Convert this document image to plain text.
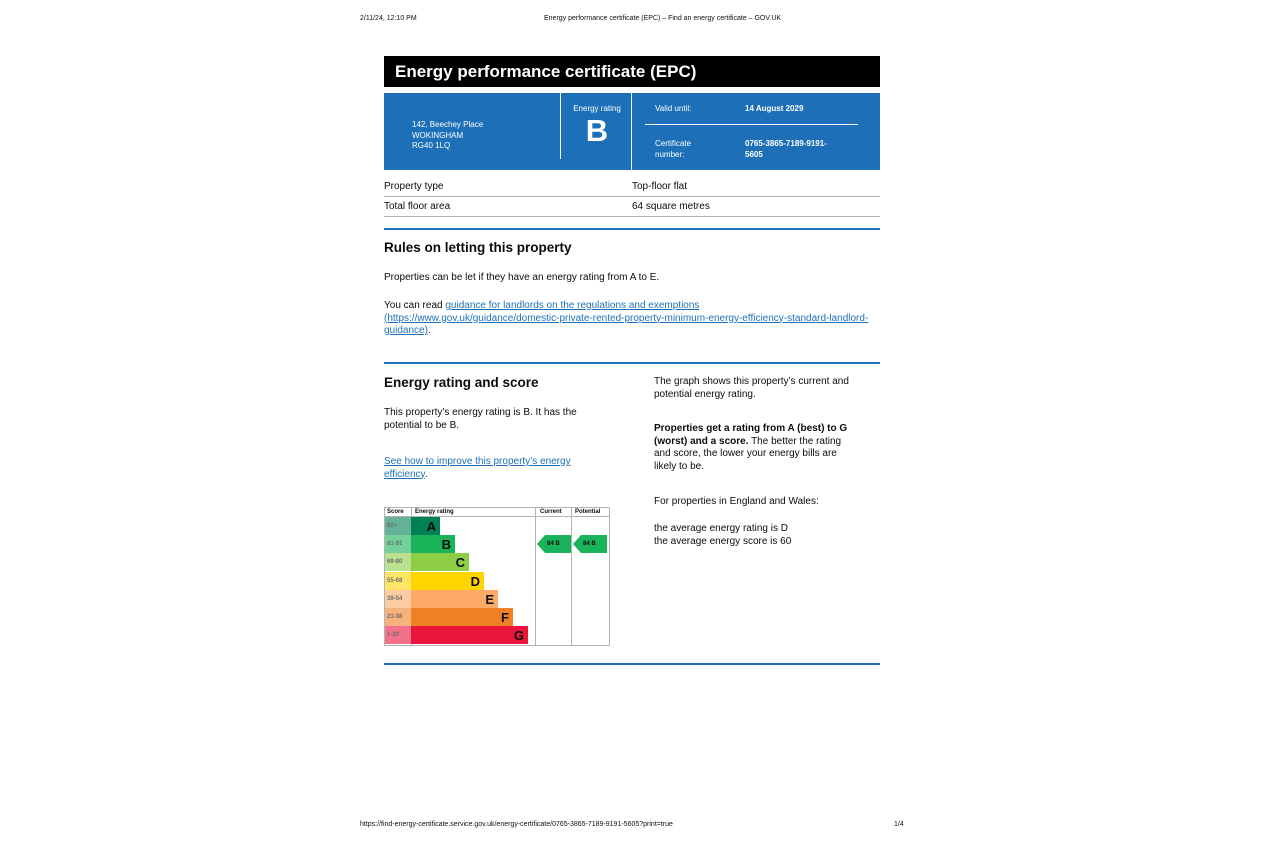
2/11/24, 12:10 PM	Energy performance certificate (EPC) – Find an energy certificate – GOV.UK
Energy performance certificate (EPC)
142, Beechey Place
WOKINGHAM
RG40 1LQ
Energy rating
B
Valid until:	14 August 2029
Certificate
number:
0765-3865-7189-9191-
5605
Property type	Top-floor flat
Total floor area	64 square metres
Rules on letting this property
Properties can be let if they have an energy rating from A to E.
You can read guidance for landlords on the regulations and exemptions
(https://www.gov.uk/guidance/domestic-private-rented-property-minimum-energy-efficiency-standard-landlord-
guidance).
Energy rating and score
This property’s energy rating is B. It has the
potential to be B.
See how to improve this property’s energy
efficiency.
The graph shows this property’s current and
potential energy rating.
Properties get a rating from A (best) to G
(worst) and a score. The better the rating
and score, the lower your energy bills are
likely to be.
For properties in England and Wales:
the average energy rating is D
the average energy score is 60
Score Energy rating	Current Potential
92+	A
81-91	B
69-80	C
55-68	D
39-54	E
21-38	F
1-20	G
84 B	84 B
https://find-energy-certificate.service.gov.uk/energy-certificate/0765-3865-7189-9191-5605?print=true	1/4
